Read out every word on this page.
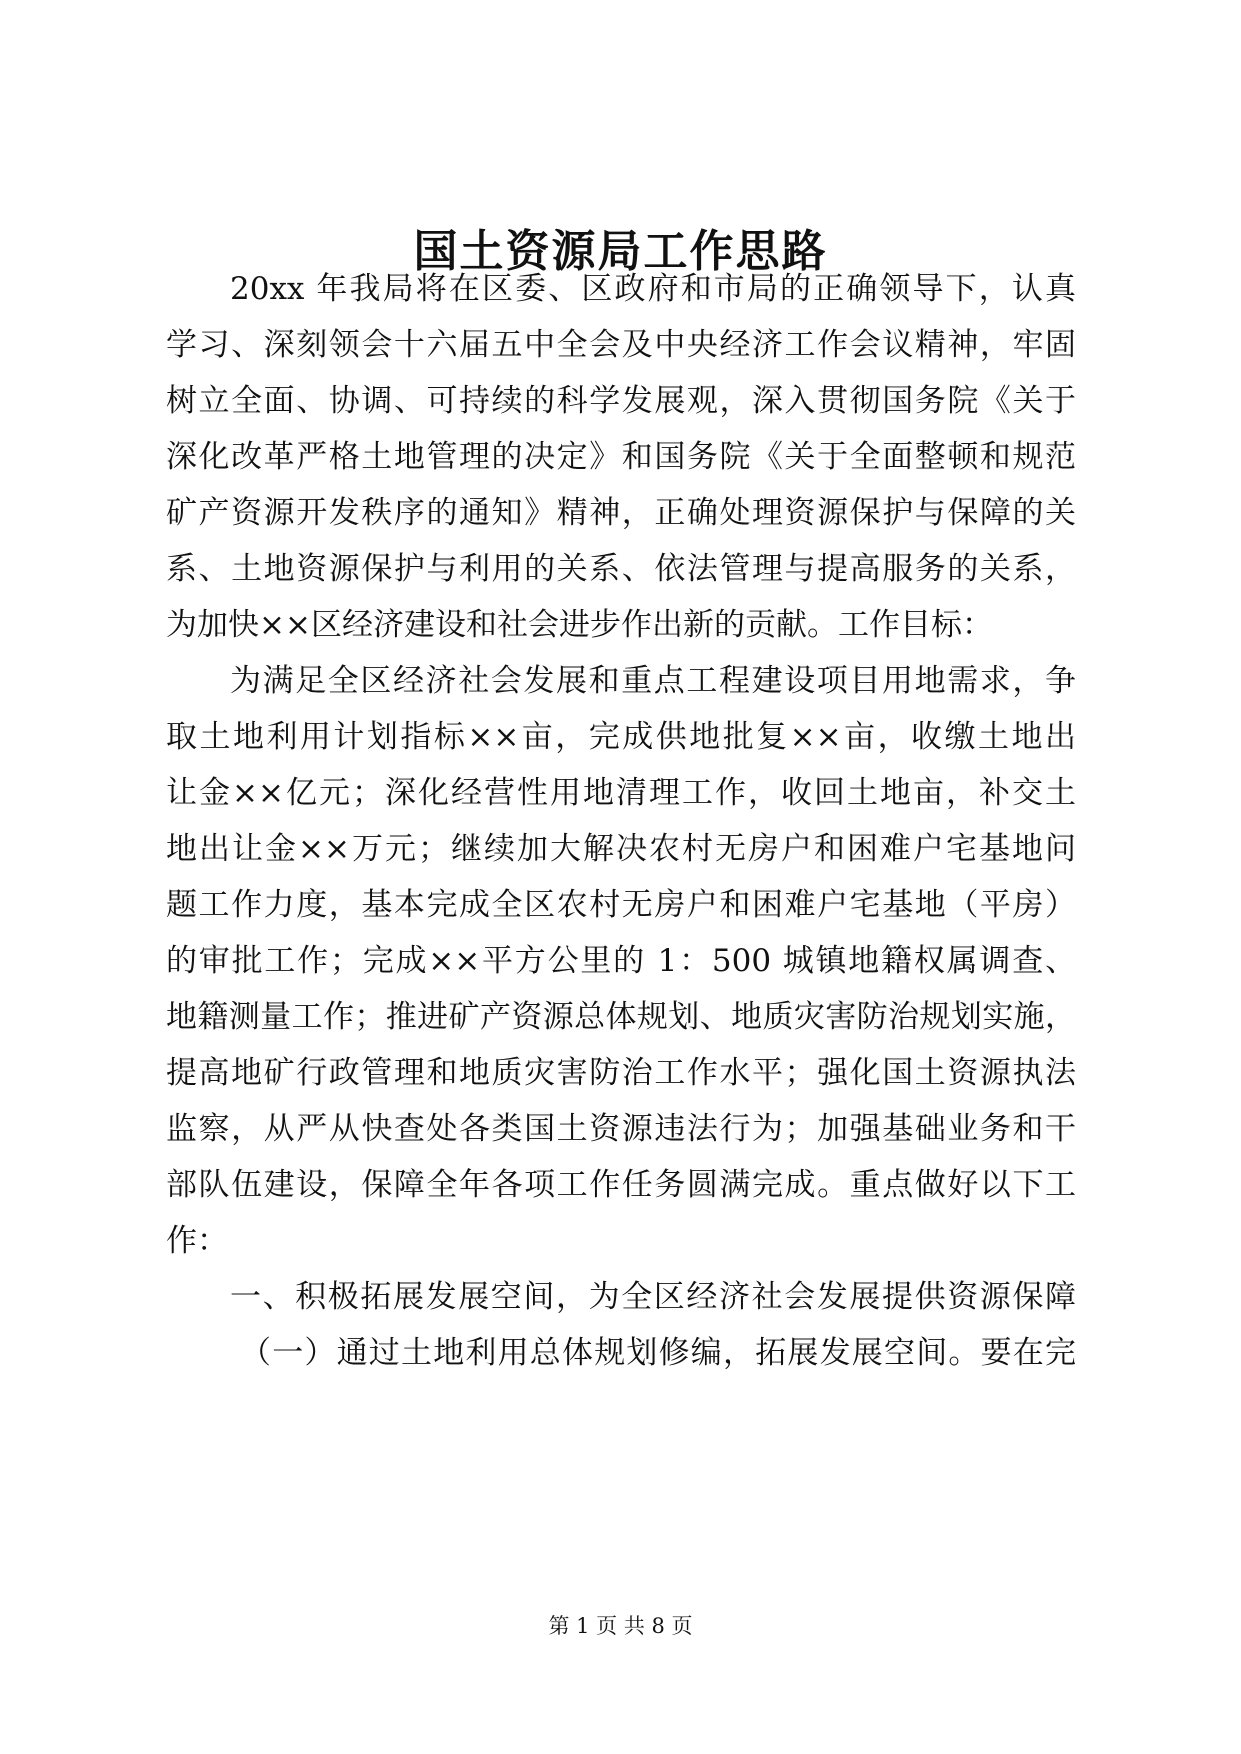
国土资源局工作思路
20xx 年我局将在区委、区政府和市局的正确领导下，认真
学习、深刻领会十六届五中全会及中央经济工作会议精神，牢固
树立全面、协调、可持续的科学发展观，深入贯彻国务院《关于
深化改革严格土地管理的决定》和国务院《关于全面整顿和规范
矿产资源开发秩序的通知》精神，正确处理资源保护与保障的关
系、土地资源保护与利用的关系、依法管理与提高服务的关系，
为加快××区经济建设和社会进步作出新的贡献。工作目标：
为满足全区经济社会发展和重点工程建设项目用地需求，争
取土地利用计划指标××亩，完成供地批复××亩，收缴土地出
让金××亿元；深化经营性用地清理工作，收回土地亩，补交土
地出让金××万元；继续加大解决农村无房户和困难户宅基地问
题工作力度，基本完成全区农村无房户和困难户宅基地（平房）
的审批工作；完成××平方公里的 1：500 城镇地籍权属调查、
地籍测量工作；推进矿产资源总体规划、地质灾害防治规划实施，
提高地矿行政管理和地质灾害防治工作水平；强化国土资源执法
监察，从严从快查处各类国土资源违法行为；加强基础业务和干
部队伍建设，保障全年各项工作任务圆满完成。重点做好以下工
作：
一、积极拓展发展空间，为全区经济社会发展提供资源保障
（一）通过土地利用总体规划修编，拓展发展空间。要在完
第 1 页 共 8 页
